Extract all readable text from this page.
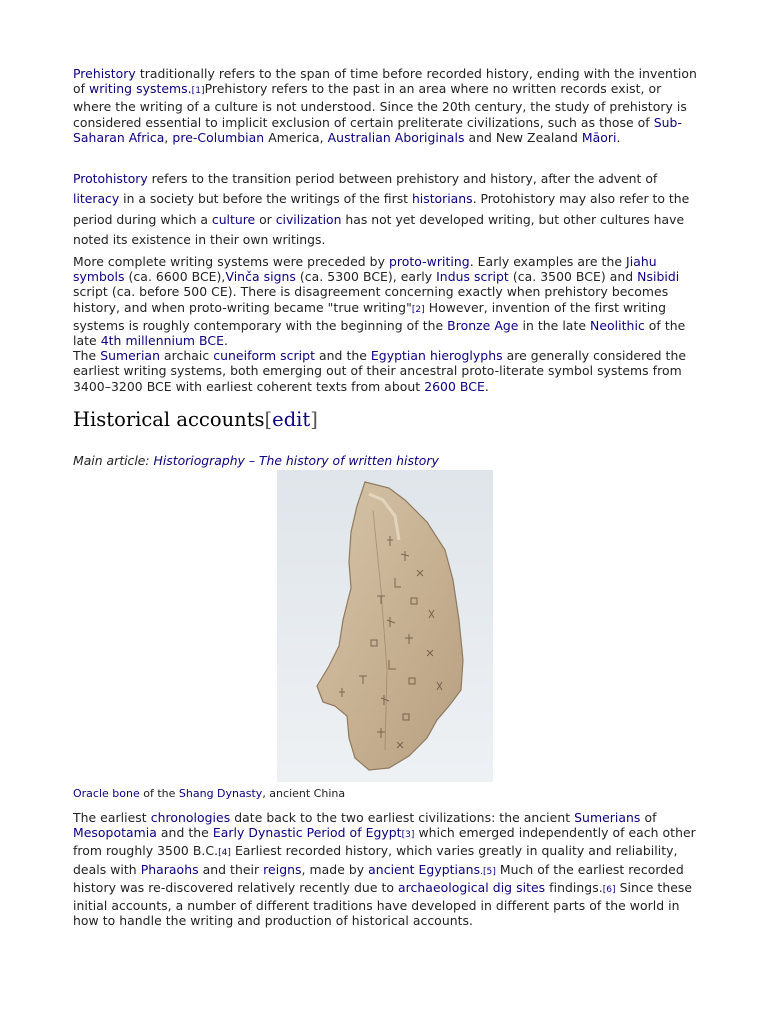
Prehistory traditionally refers to the span of time before recorded history, ending with the invention of writing systems.[1]Prehistory refers to the past in an area where no written records exist, or where the writing of a culture is not understood. Since the 20th century, the study of prehistory is considered essential to implicit exclusion of certain preliterate civilizations, such as those of Sub-Saharan Africa, pre-Columbian America, Australian Aboriginals and New Zealand Māori.

Protohistory refers to the transition period between prehistory and history, after the advent of literacy in a society but before the writings of the first historians. Protohistory may also refer to the period during which a culture or civilization has not yet developed writing, but other cultures have noted its existence in their own writings.

More complete writing systems were preceded by proto-writing. Early examples are the Jiahu symbols (ca. 6600 BCE),Vinča signs (ca. 5300 BCE), early Indus script (ca. 3500 BCE) and Nsibidi script (ca. before 500 CE). There is disagreement concerning exactly when prehistory becomes history, and when proto-writing became "true writing"[2] However, invention of the first writing systems is roughly contemporary with the beginning of the Bronze Age in the late Neolithic of the late 4th millennium BCE.
The Sumerian archaic cuneiform script and the Egyptian hieroglyphs are generally considered the earliest writing systems, both emerging out of their ancestral proto-literate symbol systems from 3400–3200 BCE with earliest coherent texts from about 2600 BCE.

Historical accounts[edit]
Main article: Historiography – The history of written history
Oracle bone of the Shang Dynasty, ancient China

The earliest chronologies date back to the two earliest civilizations: the ancient Sumerians of Mesopotamia and the Early Dynastic Period of Egypt[3] which emerged independently of each other from roughly 3500 B.C.[4] Earliest recorded history, which varies greatly in quality and reliability, deals with Pharaohs and their reigns, made by ancient Egyptians.[5] Much of the earliest recorded history was re-discovered relatively recently due to archaeological dig sites findings.[6] Since these initial accounts, a number of different traditions have developed in different parts of the world in how to handle the writing and production of historical accounts.
